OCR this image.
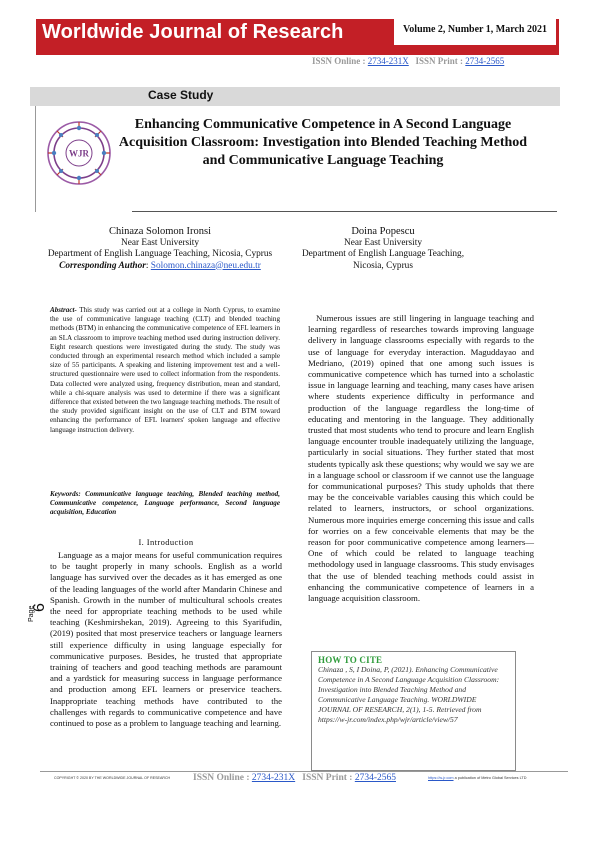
Worldwide Journal of Research	Volume 2, Number 1, March 2021
ISSN Online : 2734-231X ISSN Print : 2734-2565
Case Study
WJR
Enhancing Communicative Competence in A Second Language Acquisition Classroom: Investigation into Blended Teaching Method and Communicative Language Teaching
Chinaza Solomon Ironsi
Near East University
Department of English Language Teaching, Nicosia, Cyprus
Corresponding Author: Solomon.chinaza@neu.edu.tr
Doina Popescu
Near East University
Department of English Language Teaching, Nicosia, Cyprus
Abstract- This study was carried out at a college in North Cyprus, to examine the use of communicative language teaching (CLT) and blended teaching methods (BTM) in enhancing the communicative competence of EFL learners in an SLA classroom to improve teaching method used during instruction delivery. Eight research questions were investigated during the study. The study was conducted through an experimental research method which included a sample size of 55 participants. A speaking and listening improvement test and a well-structured questionnaire were used to collect information from the respondents. Data collected were analyzed using, frequency distribution, mean and standard, while a chi-square analysis was used to determine if there was a significant difference that existed between the two language teaching methods. The result of the study provided significant insight on the use of CLT and BTM toward enhancing the performance of EFL learners' spoken language and effective language instruction delivery.
Keywords: Communicative language teaching, Blended teaching method, Communicative competence, Language performance, Second language acquisition, Education
I. Introduction
Language as a major means for useful communication requires to be taught properly in many schools. English as a world language has survived over the decades as it has emerged as one of the leading languages of the world after Mandarin Chinese and Spanish. Growth in the number of multicultural schools creates the need for appropriate teaching methods to be used while teaching (Keshmirshekan, 2019). Agreeing to this Syarifudin, (2019) posited that most preservice teachers or language learners still experience difficulty in using language especially for communicative purposes. Besides, he trusted that appropriate training of teachers and good teaching methods are paramount and a yardstick for measuring success in language performance and production among EFL learners or preservice teachers. Inappropriate teaching methods have contributed to the challenges with regards to communicative competence and have continued to pose as a problem to language teaching and learning.
Numerous issues are still lingering in language teaching and learning regardless of researches towards improving language delivery in language classrooms especially with regards to the use of language for everyday interaction. Maguddayao and Medriano, (2019) opined that one among such issues is communicative competence which has turned into a scholastic issue in language learning and teaching, many cases have arisen where students experience difficulty in performance and production of the language regardless the long-time of educating and mentoring in the language. They additionally trusted that most students who tend to procure and learn English language encounter trouble inadequately utilizing the language, particularly in social situations. They further stated that most students typically ask these questions; why would we say we are in a language school or classroom if we cannot use the language for communicational purposes? This study upholds that there may be the conceivable variables causing this which could be related to learners, instructors, or school organizations. Numerous more inquiries emerge concerning this issue and calls for worries on a few conceivable elements that may be the reason for poor communicative competence among learners—One of which could be related to language teaching methodology used in language classrooms. This study envisages that the use of blended teaching methods could assist in enhancing the communicative competence of learners in a language acquisition classroom.
Page
6
HOW TO CITE
Chinaza , S, I Doina, P, (2021). Enhancing Communicative Competence in A Second Language Acquisition Classroom: Investigation into Blended Teaching Method and Communicative Language Teaching. WORLDWIDE JOURNAL OF RESEARCH, 2(1), 1-5. Retrieved from https://w-jr.com/index.php/wjr/article/view/57
COPYRIGHT © 2020 BY THE WORLDWIDE JOURNAL OF RESEARCH ISSN Online : 2734-231X ISSN Print : 2734-2565	https://w-jr.com a publication of Metro Global Services LTD
